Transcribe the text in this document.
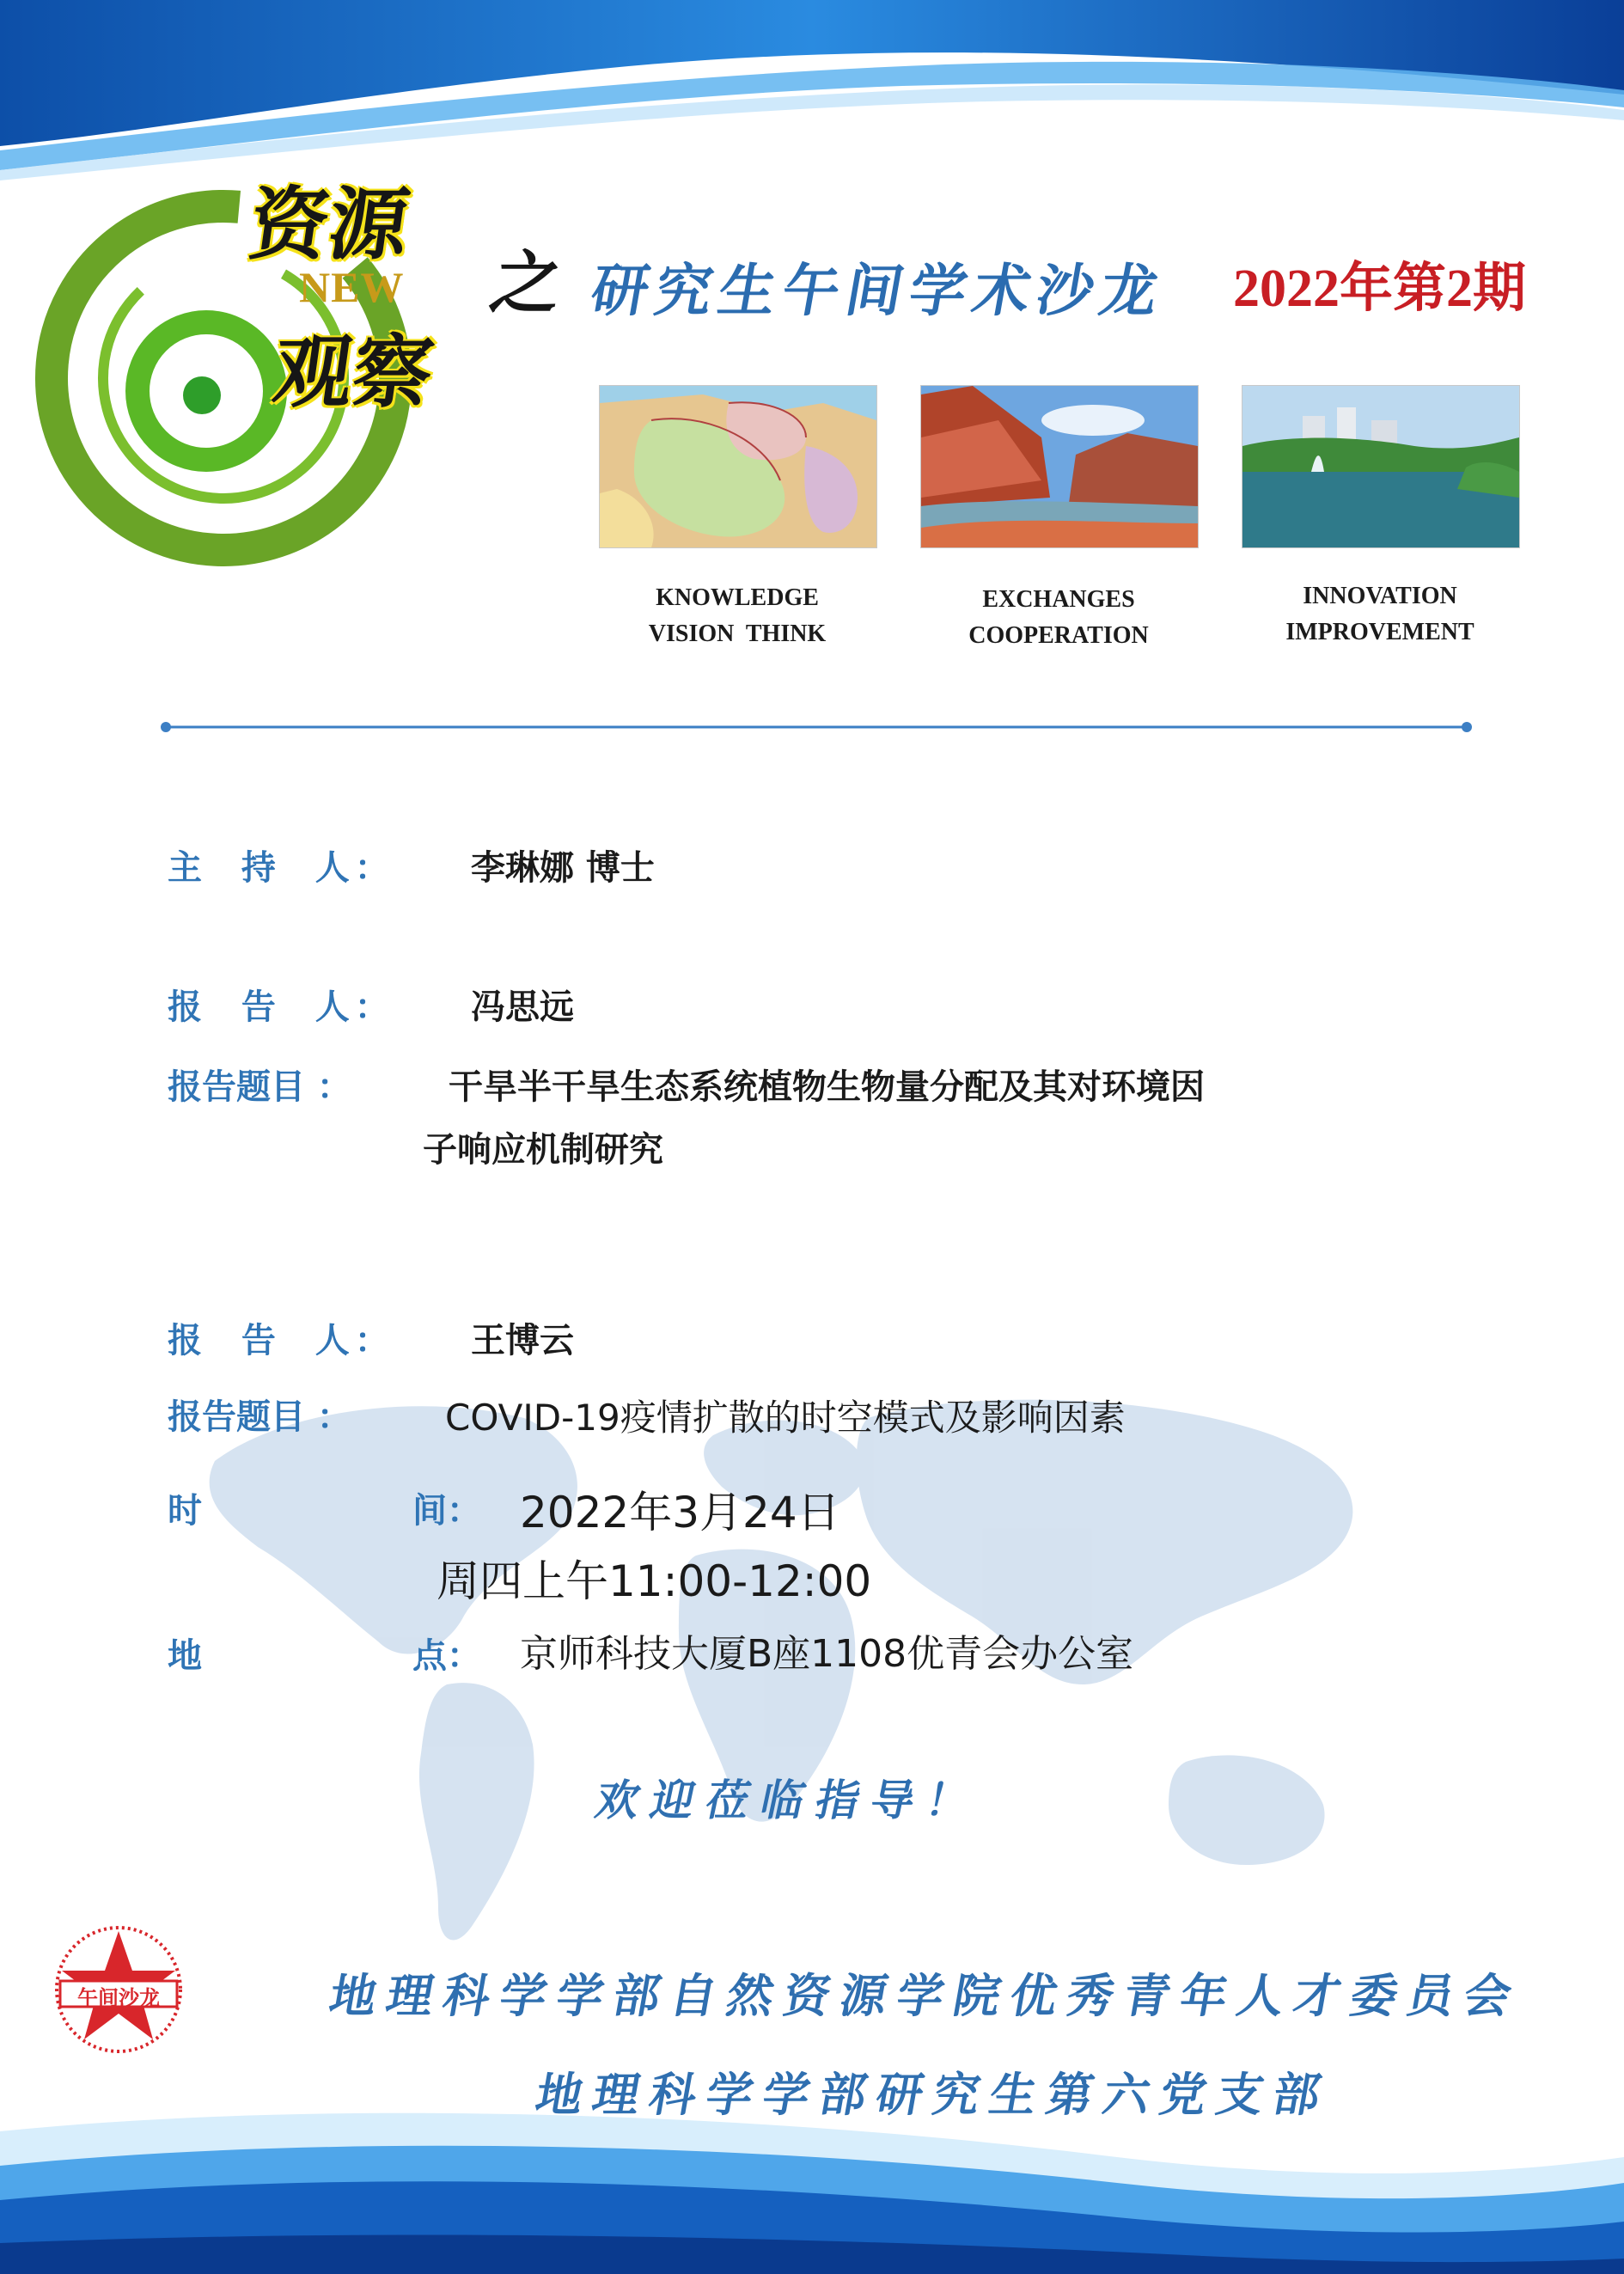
资源
NEW
观察
之 研究生午间学术沙龙 2022年第2期
KNOWLEDGE
VISION  THINK
EXCHANGES
COOPERATION
INNOVATION
IMPROVEMENT
主  持  人： 李琳娜 博士
报  告  人： 冯思远
报告题目 ：	干旱半干旱生态系统植物生物量分配及其对环境因
子响应机制研究
报  告  人： 王博云
报告题目 ：	COVID-19疫情扩散的时空模式及影响因素
时	间： 2022年3月24日
周四上午11:00-12:00
地	点： 京师科技大厦B座1108优青会办公室
欢迎莅临指导！
午间沙龙	地理科学学部自然资源学院优秀青年人才委员会
地理科学学部研究生第六党支部
